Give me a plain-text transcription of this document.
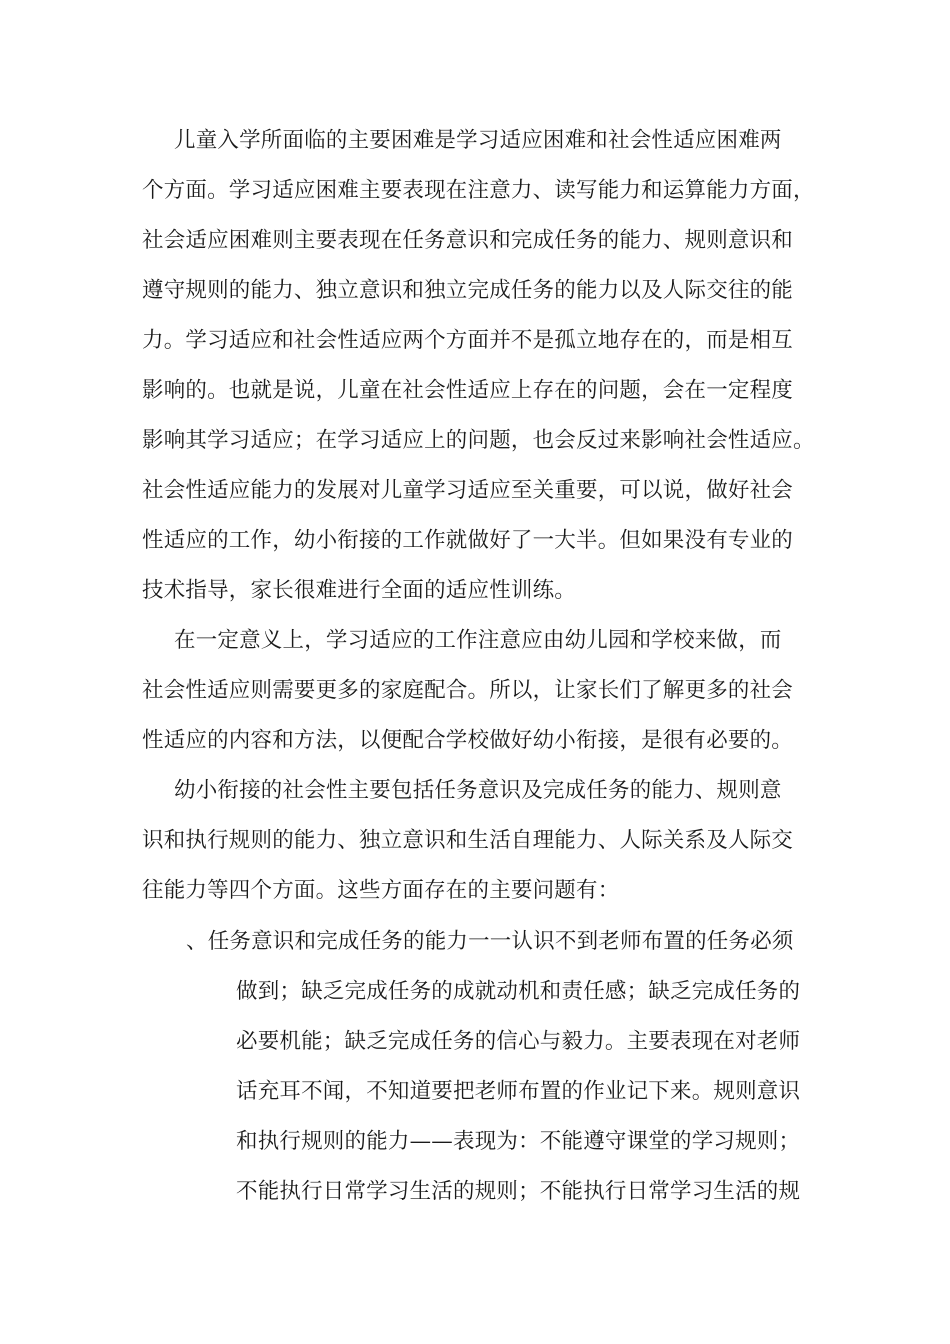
儿童入学所面临的主要困难是学习适应困难和社会性适应困难两
个方面。学习适应困难主要表现在注意力、读写能力和运算能力方面，
社会适应困难则主要表现在任务意识和完成任务的能力、规则意识和
遵守规则的能力、独立意识和独立完成任务的能力以及人际交往的能
力。学习适应和社会性适应两个方面并不是孤立地存在的，而是相互
影响的。也就是说，儿童在社会性适应上存在的问题，会在一定程度
影响其学习适应；在学习适应上的问题，也会反过来影响社会性适应。
社会性适应能力的发展对儿童学习适应至关重要，可以说，做好社会
性适应的工作，幼小衔接的工作就做好了一大半。但如果没有专业的
技术指导，家长很难进行全面的适应性训练。
在一定意义上，学习适应的工作注意应由幼儿园和学校来做，而
社会性适应则需要更多的家庭配合。所以，让家长们了解更多的社会
性适应的内容和方法，以便配合学校做好幼小衔接，是很有必要的。
幼小衔接的社会性主要包括任务意识及完成任务的能力、规则意
识和执行规则的能力、独立意识和生活自理能力、人际关系及人际交
往能力等四个方面。这些方面存在的主要问题有：
、任务意识和完成任务的能力一一认识不到老师布置的任务必须
做到；缺乏完成任务的成就动机和责任感；缺乏完成任务的
必要机能；缺乏完成任务的信心与毅力。主要表现在对老师
话充耳不闻，不知道要把老师布置的作业记下来。规则意识
和执行规则的能力——表现为：不能遵守课堂的学习规则；
不能执行日常学习生活的规则；不能执行日常学习生活的规
